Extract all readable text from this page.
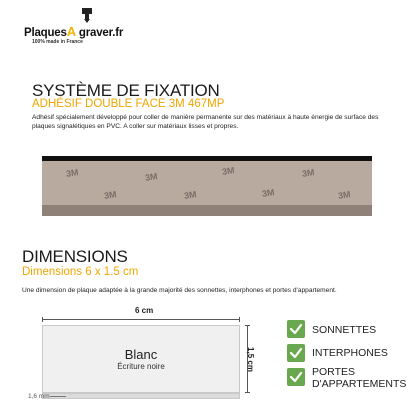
PlaquesA graver.fr
100% made in France
SYSTÈME DE FIXATION
ADHÉSIF DOUBLE FACE 3M 467MP
Adhésif spécialement développé pour coller de manière permanente sur des matériaux à haute énergie de surface des plaques signalétiques en PVC. A coller sur matériaux lisses et propres.
3M	3M
3M	3M
3M	3M	3M	3M
DIMENSIONS
Dimensions 6 x 1.5 cm
Une dimension de plaque adaptée à la grande majorité des sonnettes, interphones et portes d'appartement.
6 cm
Blanc
Écriture noire	1,5 cm
1,6 mm
SONNETTES
INTERPHONES
PORTES
D'APPARTEMENTS
